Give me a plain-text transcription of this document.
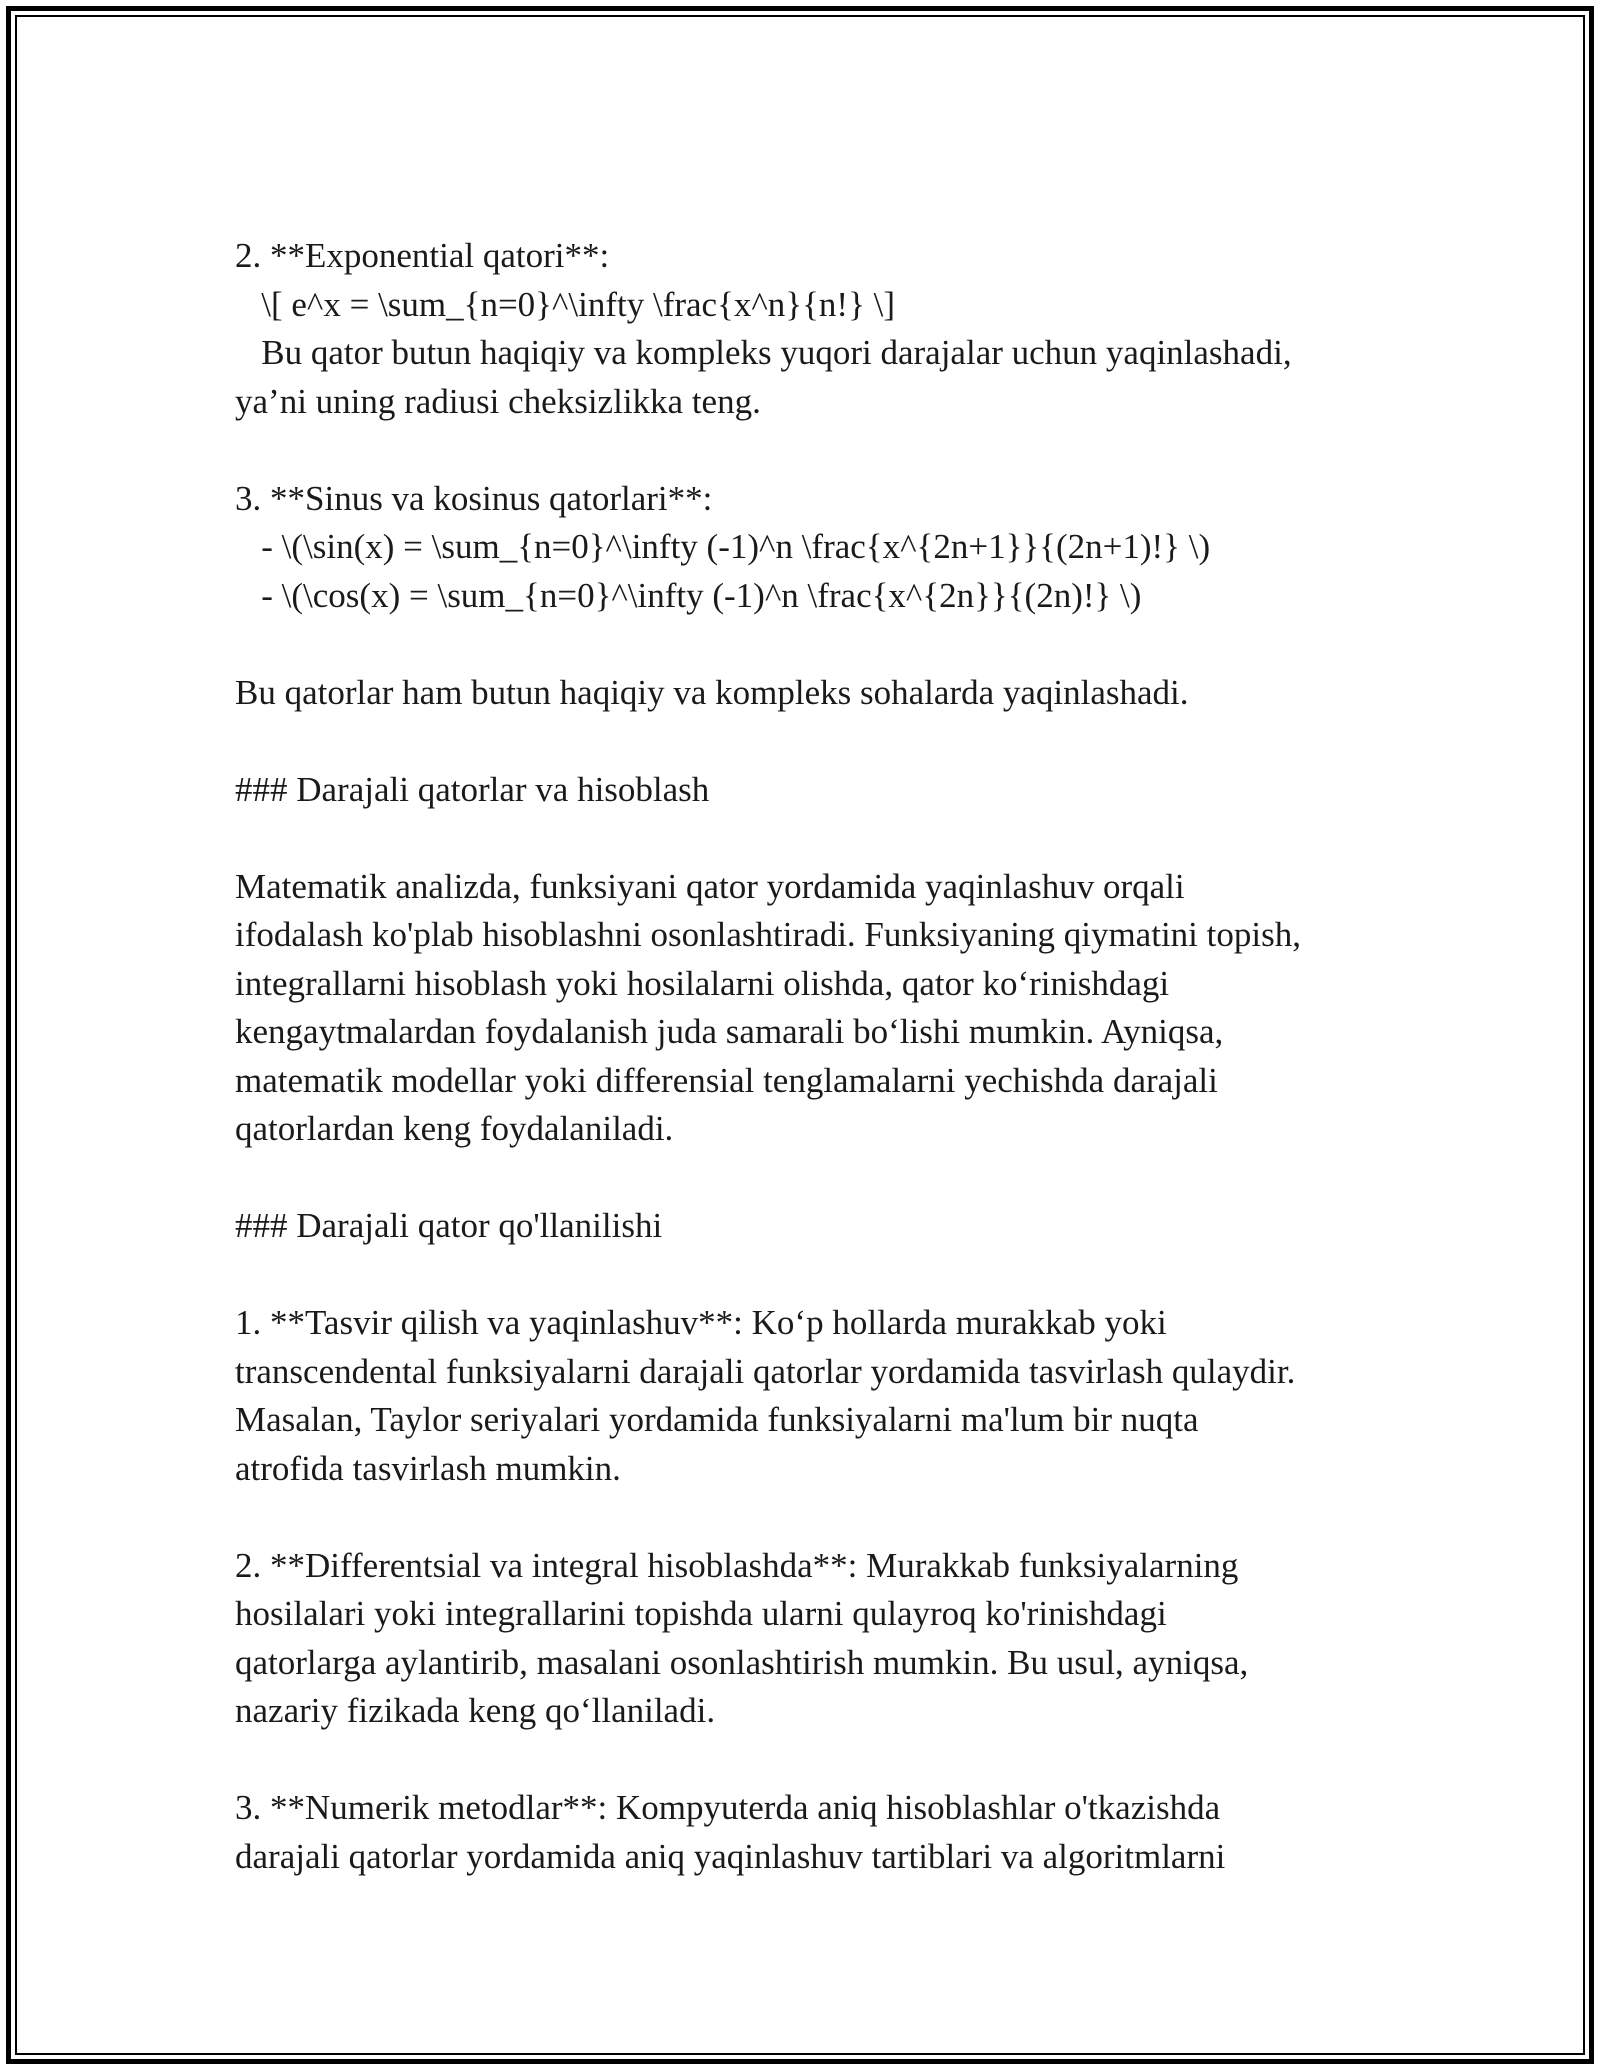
2. **Exponential qatori**:

\[ e^x = \sum_{n=0}^\infty \frac{x^n}{n!} \]

Bu qator butun haqiqiy va kompleks yuqori darajalar uchun yaqinlashadi,

ya’ni uning radiusi cheksizlikka teng.

3. **Sinus va kosinus qatorlari**:

- \(\sin(x) = \sum_{n=0}^\infty (-1)^n \frac{x^{2n+1}}{(2n+1)!} \)

- \(\cos(x) = \sum_{n=0}^\infty (-1)^n \frac{x^{2n}}{(2n)!} \)

Bu qatorlar ham butun haqiqiy va kompleks sohalarda yaqinlashadi.

### Darajali qatorlar va hisoblash

Matematik analizda, funksiyani qator yordamida yaqinlashuv orqali

ifodalash ko'plab hisoblashni osonlashtiradi. Funksiyaning qiymatini topish,

integrallarni hisoblash yoki hosilalarni olishda, qator ko‘rinishdagi

kengaytmalardan foydalanish juda samarali bo‘lishi mumkin. Ayniqsa,

matematik modellar yoki differensial tenglamalarni yechishda darajali

qatorlardan keng foydalaniladi.

### Darajali qator qo'llanilishi

1. **Tasvir qilish va yaqinlashuv**: Ko‘p hollarda murakkab yoki

transcendental funksiyalarni darajali qatorlar yordamida tasvirlash qulaydir.

Masalan, Taylor seriyalari yordamida funksiyalarni ma'lum bir nuqta

atrofida tasvirlash mumkin.

2. **Differentsial va integral hisoblashda**: Murakkab funksiyalarning

hosilalari yoki integrallarini topishda ularni qulayroq ko'rinishdagi

qatorlarga aylantirib, masalani osonlashtirish mumkin. Bu usul, ayniqsa,

nazariy fizikada keng qo‘llaniladi.

3. **Numerik metodlar**: Kompyuterda aniq hisoblashlar o'tkazishda

darajali qatorlar yordamida aniq yaqinlashuv tartiblari va algoritmlarni
